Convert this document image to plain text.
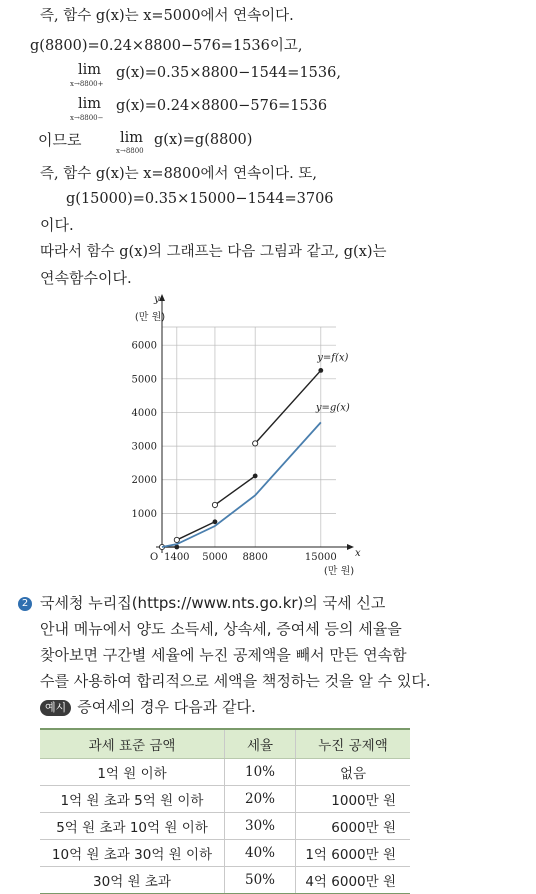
즉, 함수 g(x)는 x=5000에서 연속이다.
g(8800)=0.24×8800−576=1536이고,
lim
x→8800+
g(x)=0.35×8800−1544=1536,
lim
x→8800−
g(x)=0.24×8800−576=1536
이므로	lim
x→8800
g(x)=g(8800)
즉, 함수 g(x)는 x=8800에서 연속이다. 또,
g(15000)=0.35×15000−1544=3706
이다.
따라서 함수 g(x)의 그래프는 다음 그림과 같고, g(x)는
연속함수이다.
1000
2000
3000
4000
5000
6000
1400 5000 8800	15000
O	x
(만 원)
y
(만 원)
y=f(x)
y=g(x)
2 국세청 누리집(https://www.nts.go.kr)의 국세 신고
안내 메뉴에서 양도 소득세, 상속세, 증여세 등의 세율을
찾아보면 구간별 세율에 누진 공제액을 빼서 만든 연속함
수를 사용하여 합리적으로 세액을 책정하는 것을 알 수 있다.
예시 증여세의 경우 다음과 같다.
과세 표준 금액	세율	누진 공제액
1억 원 이하	10%	없음
1억 원 초과 5억 원 이하	20%	1000만 원
5억 원 초과 10억 원 이하	30%	6000만 원
10억 원 초과 30억 원 이하	40%	1억 6000만 원
30억 원 초과	50%	4억 6000만 원
